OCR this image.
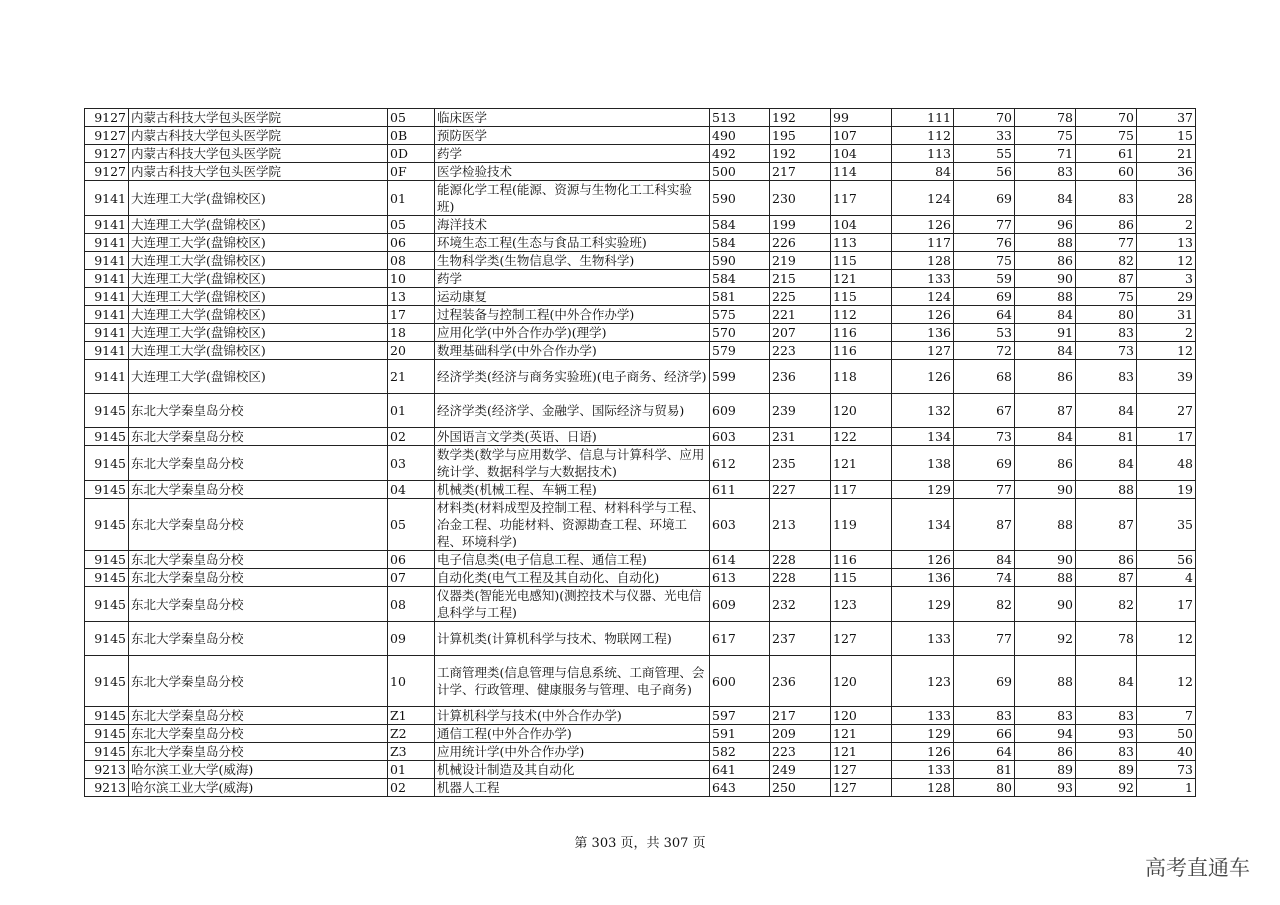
9127	内蒙古科技大学包头医学院	05	临床医学	513	192	99	111	70	78	70	37
9127	内蒙古科技大学包头医学院	0B	预防医学	490	195	107	112	33	75	75	15
9127	内蒙古科技大学包头医学院	0D	药学	492	192	104	113	55	71	61	21
9127	内蒙古科技大学包头医学院	0F	医学检验技术	500	217	114	84	56	83	60	36
9141	大连理工大学(盘锦校区)	01	能源化学工程(能源、资源与生物化工工科实验班)	590	230	117	124	69	84	83	28
9141	大连理工大学(盘锦校区)	05	海洋技术	584	199	104	126	77	96	86	2
9141	大连理工大学(盘锦校区)	06	环境生态工程(生态与食品工科实验班)	584	226	113	117	76	88	77	13
9141	大连理工大学(盘锦校区)	08	生物科学类(生物信息学、生物科学)	590	219	115	128	75	86	82	12
9141	大连理工大学(盘锦校区)	10	药学	584	215	121	133	59	90	87	3
9141	大连理工大学(盘锦校区)	13	运动康复	581	225	115	124	69	88	75	29
9141	大连理工大学(盘锦校区)	17	过程装备与控制工程(中外合作办学)	575	221	112	126	64	84	80	31
9141	大连理工大学(盘锦校区)	18	应用化学(中外合作办学)(理学)	570	207	116	136	53	91	83	2
9141	大连理工大学(盘锦校区)	20	数理基础科学(中外合作办学)	579	223	116	127	72	84	73	12
9141	大连理工大学(盘锦校区)	21	经济学类(经济与商务实验班)(电子商务、经济学)	599	236	118	126	68	86	83	39
9145	东北大学秦皇岛分校	01	经济学类(经济学、金融学、国际经济与贸易)	609	239	120	132	67	87	84	27
9145	东北大学秦皇岛分校	02	外国语言文学类(英语、日语)	603	231	122	134	73	84	81	17
9145	东北大学秦皇岛分校	03	数学类(数学与应用数学、信息与计算科学、应用统计学、数据科学与大数据技术)	612	235	121	138	69	86	84	48
9145	东北大学秦皇岛分校	04	机械类(机械工程、车辆工程)	611	227	117	129	77	90	88	19
9145	东北大学秦皇岛分校	05	材料类(材料成型及控制工程、材料科学与工程、冶金工程、功能材料、资源勘查工程、环境工程、环境科学)	603	213	119	134	87	88	87	35
9145	东北大学秦皇岛分校	06	电子信息类(电子信息工程、通信工程)	614	228	116	126	84	90	86	56
9145	东北大学秦皇岛分校	07	自动化类(电气工程及其自动化、自动化)	613	228	115	136	74	88	87	4
9145	东北大学秦皇岛分校	08	仪器类(智能光电感知)(测控技术与仪器、光电信息科学与工程)	609	232	123	129	82	90	82	17
9145	东北大学秦皇岛分校	09	计算机类(计算机科学与技术、物联网工程)	617	237	127	133	77	92	78	12
9145	东北大学秦皇岛分校	10	工商管理类(信息管理与信息系统、工商管理、会计学、行政管理、健康服务与管理、电子商务)	600	236	120	123	69	88	84	12
9145	东北大学秦皇岛分校	Z1	计算机科学与技术(中外合作办学)	597	217	120	133	83	83	83	7
9145	东北大学秦皇岛分校	Z2	通信工程(中外合作办学)	591	209	121	129	66	94	93	50
9145	东北大学秦皇岛分校	Z3	应用统计学(中外合作办学)	582	223	121	126	64	86	83	40
9213	哈尔滨工业大学(威海)	01	机械设计制造及其自动化	641	249	127	133	81	89	89	73
9213	哈尔滨工业大学(威海)	02	机器人工程	643	250	127	128	80	93	92	1
第 303 页，共 307 页
高考直通车
